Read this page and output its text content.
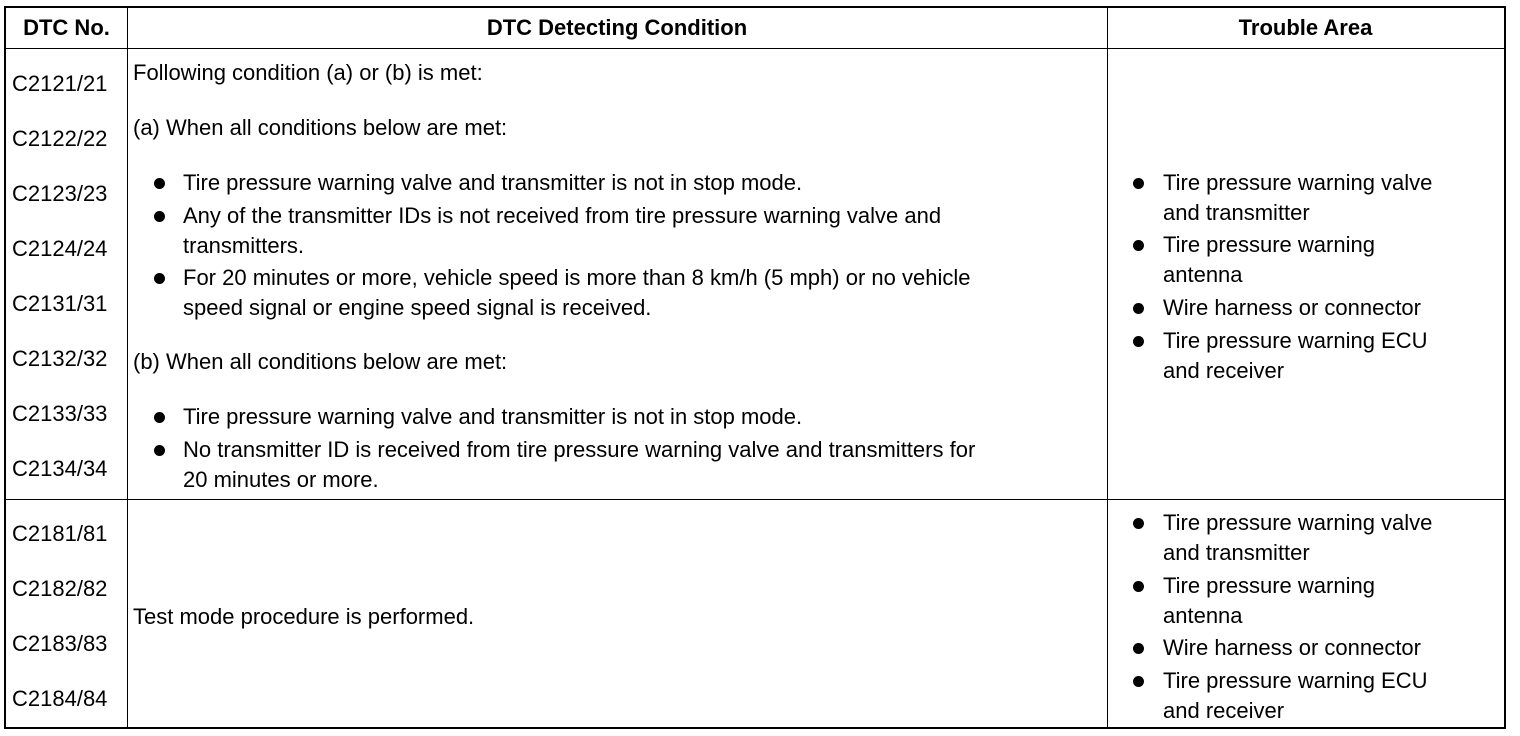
DTC No.	DTC Detecting Condition	Trouble Area
C2121/21
C2122/22
C2123/23
C2124/24
C2131/31
C2132/32
C2133/33
C2134/34
Following condition (a) or (b) is met:
(a) When all conditions below are met:
Tire pressure warning valve and transmitter is not in stop mode.
Any of the transmitter IDs is not received from tire pressure warning valve and
transmitters.
For 20 minutes or more, vehicle speed is more than 8 km/h (5 mph) or no vehicle
speed signal or engine speed signal is received.
(b) When all conditions below are met:
Tire pressure warning valve and transmitter is not in stop mode.
No transmitter ID is received from tire pressure warning valve and transmitters for
20 minutes or more.
Tire pressure warning valve
and transmitter
Tire pressure warning
antenna
Wire harness or connector
Tire pressure warning ECU
and receiver
C2181/81
C2182/82
C2183/83
C2184/84
Test mode procedure is performed.
Tire pressure warning valve
and transmitter
Tire pressure warning
antenna
Wire harness or connector
Tire pressure warning ECU
and receiver
